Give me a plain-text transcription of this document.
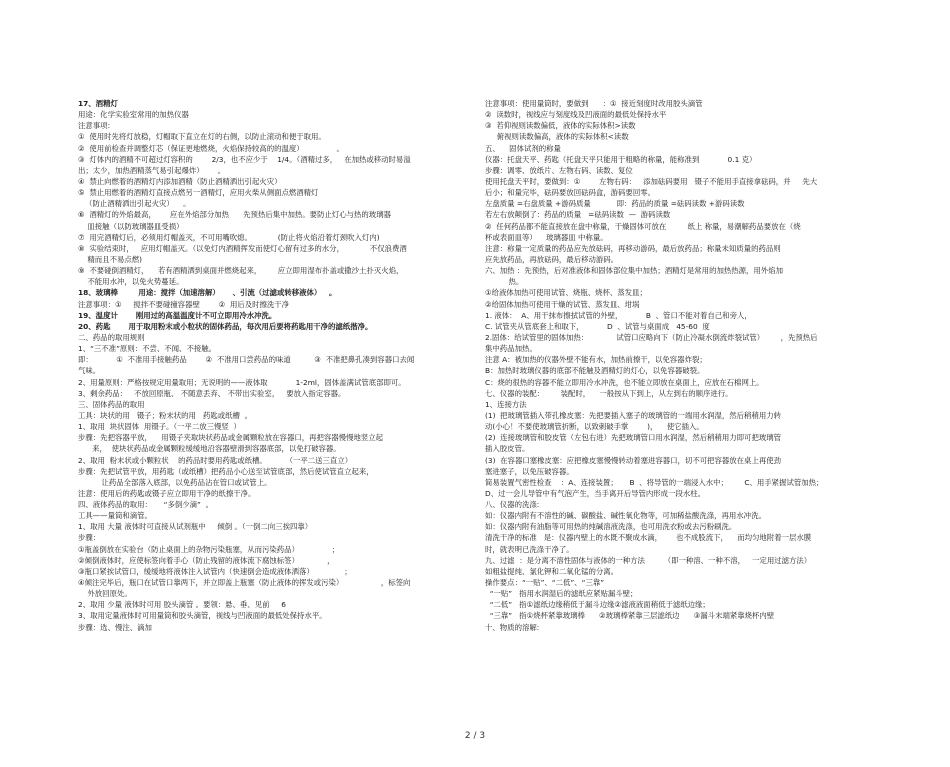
17、酒精灯
用途：化学实验室常用的加热仪器
注意事项:
①  使用时先将灯放稳，灯帽取下直立在灯的右侧，以防止滚动和便于取用。
②  使用前检查并调整灯芯（保证更地燃烧，火焰保持较高的的温度）              。
③  灯体内的酒精不可超过灯容积的        2/3，也不应少于    1/4。（酒精过多，   在加热或移动时易溢
出；太少，加热酒精蒸气易引起爆炸）      。
④  禁止向燃着的酒精灯内添加酒精（防止酒精洒出引起火灾）
⑤  禁止用燃着的酒精灯直接点燃另一酒精灯，应用火柴从侧面点燃酒精灯
（防止酒精洒出引起火灾）    。
⑥  酒精灯的外焰最高，      应在外焰部分加热      先预热后集中加热。要防止灯心与热的玻璃器
皿接触（以防玻璃器皿受损）
⑦  用完酒精灯后，必须用灯帽盖灭，不可用嘴吹熄。           (防止将火焰沿着灯颈吹入灯内)
⑧  实验结束时，   应用灯帽盖灭。（以免灯内酒精挥发而使灯心留有过多的水分，           不仅浪费酒
精而且不易点燃)
⑨  不要碰倒酒精灯，    若有酒精洒到桌面并燃烧起来，       应立即用湿布扑盖或撒沙土扑灭火焰，
不能用水冲，以免火势蔓延。
18、玻璃棒        用途：搅拌（加速溶解）     、引流（过滤或转移液体）   。
注意事项：①     搅拌不要碰撞容器壁        ②  用后及时擦洗干净
19、温度计       刚用过的高温温度计不可立即用冷水冲洗。
20、药匙       用于取用粉末或小粒状的固体药品，每次用后要将药匙用干净的滤纸揩净。
二、药品的取用规则
1、“三不准”原则：不尝、不闻、不接触。
即：          ①  不准用手接触药品        ②  不准用口尝药品的味道          ③  不准把鼻孔凑到容器口去闻
气味。
2、用量原则：严格按规定用量取用；无说明的——液体取            1-2ml，固体盖满试管底部即可。
3、剩余药品：   不放回原瓶、 不随意丢弃、 不带出实验室，   要放入指定容器。
三、固体药品的取用
工具：块状的用   镊子；粉末状的用   药匙或纸槽  。
1、取用  块状固体  用镊子。（一平二放三慢竖  ）
步骤：先把容器平放，    用镊子夹取块状药品或金属颗粒放在容器口，再把容器慢慢地竖立起
来，  使块状药品或金属颗粒缓缓地沿容器壁滑到容器底部，以免打破容器。
2、取用  粉末状或小颗粒状    的药品时要用药匙或纸槽。        （一平二送三直立）
步骤：先把试管平放，用药匙（或纸槽）把药品小心送至试管底部，然后使试管直立起来，
让药品全部落入底部，以免药品沾在管口或试管上。
注意：使用后的药匙或镊子应立即用干净的纸擦干净。
四、液体药品的取用：     “多倒少滴”  。
工具——量筒和滴管。
1、取用 大量 液体时可直接从试剂瓶中     倾倒 。（一倒二向三挨四靠）
步骤：
①瓶盖倒放在实验台（防止桌面上的杂物污染瓶塞，从而污染药品）              ；
②倾倒液体时，应使标签向着手心（防止残留的液体流下腐蚀标签）            ，
③瓶口紧挨试管口，缓缓地将液体注入试管内（快速倒会造成液体洒落）             ；
④倾注完毕后，瓶口在试管口靠两下，并立即盖上瓶塞（防止液体的挥发或污染）                ，标签向
外放回原处。
2、取用 少量 液体时可用 胶头滴管 。要领：悬、垂、见前     6
3、取用定量液体时可用量筒和胶头滴管，视线与凹液面的最低处保持水平。
步骤：选、慢注、滴加
注意事项：使用量筒时，要做到      ：①  接近刻度时改用胶头滴管
②  读数时，视线应与刻度线及凹液面的最低处保持水平
③  若仰视则读数偏低，液体的实际体积>读数
俯视则读数偏高，液体的实际体积<读数
五、    固体试剂的称量
仪器：托盘天平、药匙（托盘天平只能用于粗略的称量，能称准到            0.1 克）
步骤：调零、放纸片、左物右码、读数、复位
使用托盘天平时，要做到：①        左物右码：   添加砝码要用   镊子不能用手直接拿砝码，并     先大
后小；和量完毕，砝码要放回砝码盒，游码要回零。
左盘质量 =右盘质量 +游码质量           即：药品的质量 =砝码读数 +游码读数
若左右放颠倒了：药品的质量   =砝码读数  —  游码读数
②  任何药品都不能直接放在盘中称量，干燥固体可放在         纸上 称量，易潮解药品要放在（烧
杯或表面皿等）    玻璃器皿 中称量。
注意：称量一定质量的药品应先放砝码，再移动游码，最后放药品；称量未知质量的药品则
应先放药品，再放砝码，最后移动游码。
六、加热 ：先预热，后对准液体和固体部位集中加热；酒精灯是常用的加热热源，用外焰加
热。
①给液体加热可使用试管、烧瓶、烧杯、蒸发皿；
②给固体加热可使用干燥的试管、蒸发皿、坩埚
1. 液体：  A、用干抹布擦拭试管的外壁，          B  、管口不能对着自己和旁人，
C. 试管夹从管底套上和取下，          D  、试管与桌面成   45-60  度
2.固体：给试管里的固体加热：            试管口应略向下（防止冷凝水倒流炸裂试管）       ，先预热后
集中药品加热。
注意 A：被加热的仪器外壁不能有水，加热前擦干，以免容器炸裂；
B：加热时玻璃仪器的底部不能触及酒精灯的灯心，以免容器破裂。
C：烧的很热的容器不能立即用冷水冲洗，也不能立即放在桌面上，应放在石棉网上。
七、仪器的装配：       装配时，    一般按从下到上，从左到右的顺序进行。
1、连接方法
(1)  把玻璃管插入带孔橡皮塞：先把要插入塞子的玻璃管的一端用水润湿，然后稍稍用力转
动(小心！不要使玻璃管折断，以致刺破手掌        )，    使它插入。
(2)  连接玻璃管和胶皮管（左包右进）先把玻璃管口用水润湿，然后稍稍用力即可把玻璃管
插入胶皮管。
(3)  在容器口塞橡皮塞：应把橡皮塞慢慢转动着塞进容器口，切不可把容器放在桌上再使劲
塞进塞子，以免压破容器。
简易装置气密性检查    ：A、连接装置；     B  、将导管的一端浸入水中；       C、用手紧握试管加热；
D、过一会儿导管中有气泡产生，当手离开后导管内形成一段水柱。
八、仪器的洗涤:
如：仪器内附有不溶性的碱、碳酸盐、碱性氧化物等，可加稀盐酸洗涤，再用水冲洗。
如：仪器内附有油脂等可用热的纯碱溶液洗涤，也可用洗衣粉或去污粉刷洗。
清洗干净的标准   是：仪器内壁上的水既不聚成水滴，      也不成股流下，    而均匀地附着一层水膜
时，就表明已洗涤干净了。
九、过滤  ：是分离不溶性固体与液体的一种方法        （即一种溶、一种不溶，   一定用过滤方法）
如粗盐提纯、氯化钾和二氧化锰的分离。
操作要点：“一贴”、“二低”、“三靠”
“一贴”   指用水润湿后的滤纸应紧贴漏斗壁；
“二低”   指①滤纸边缘稍低于漏斗边缘②滤液液面稍低于滤纸边缘；
“三靠”   指①烧杯紧靠玻璃棒      ②玻璃棒紧靠三层滤纸边      ③漏斗末端紧靠烧杯内壁
十、物质的溶解:
2 / 3
